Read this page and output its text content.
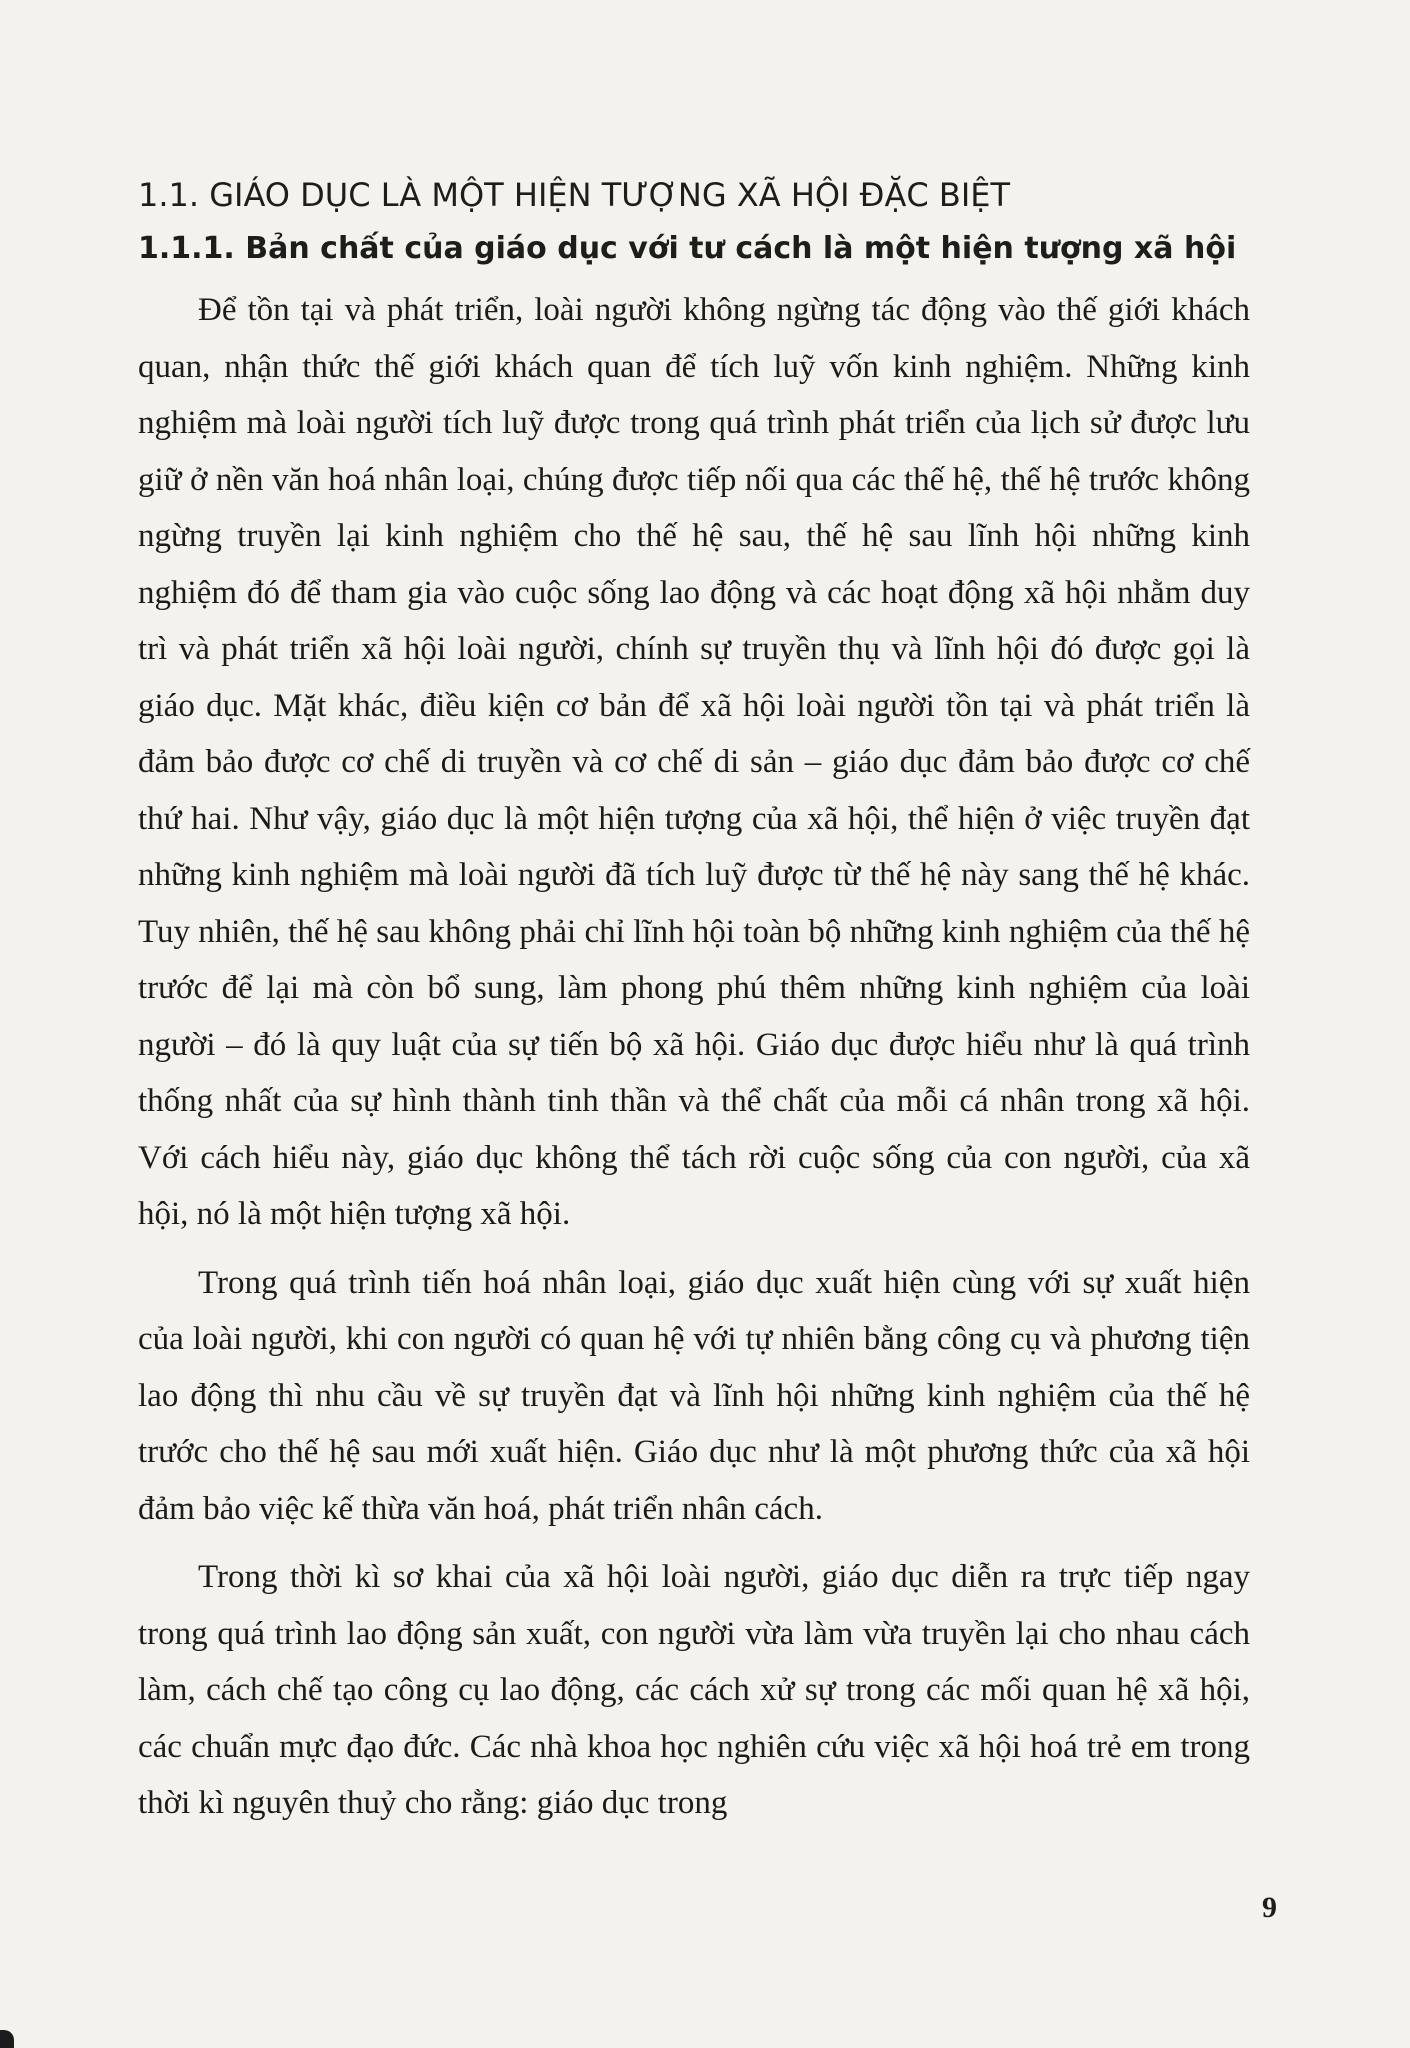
1.1. GIÁO DỤC LÀ MỘT HIỆN TƯỢNG XÃ HỘI ĐẶC BIỆT
1.1.1. Bản chất của giáo dục với tư cách là một hiện tượng xã hội

Để tồn tại và phát triển, loài người không ngừng tác động vào thế giới khách quan, nhận thức thế giới khách quan để tích luỹ vốn kinh nghiệm. Những kinh nghiệm mà loài người tích luỹ được trong quá trình phát triển của lịch sử được lưu giữ ở nền văn hoá nhân loại, chúng được tiếp nối qua các thế hệ, thế hệ trước không ngừng truyền lại kinh nghiệm cho thế hệ sau, thế hệ sau lĩnh hội những kinh nghiệm đó để tham gia vào cuộc sống lao động và các hoạt động xã hội nhằm duy trì và phát triển xã hội loài người, chính sự truyền thụ và lĩnh hội đó được gọi là giáo dục. Mặt khác, điều kiện cơ bản để xã hội loài người tồn tại và phát triển là đảm bảo được cơ chế di truyền và cơ chế di sản – giáo dục đảm bảo được cơ chế thứ hai. Như vậy, giáo dục là một hiện tượng của xã hội, thể hiện ở việc truyền đạt những kinh nghiệm mà loài người đã tích luỹ được từ thế hệ này sang thế hệ khác. Tuy nhiên, thế hệ sau không phải chỉ lĩnh hội toàn bộ những kinh nghiệm của thế hệ trước để lại mà còn bổ sung, làm phong phú thêm những kinh nghiệm của loài người – đó là quy luật của sự tiến bộ xã hội. Giáo dục được hiểu như là quá trình thống nhất của sự hình thành tinh thần và thể chất của mỗi cá nhân trong xã hội. Với cách hiểu này, giáo dục không thể tách rời cuộc sống của con người, của xã hội, nó là một hiện tượng xã hội.

Trong quá trình tiến hoá nhân loại, giáo dục xuất hiện cùng với sự xuất hiện của loài người, khi con người có quan hệ với tự nhiên bằng công cụ và phương tiện lao động thì nhu cầu về sự truyền đạt và lĩnh hội những kinh nghiệm của thế hệ trước cho thế hệ sau mới xuất hiện. Giáo dục như là một phương thức của xã hội đảm bảo việc kế thừa văn hoá, phát triển nhân cách.

Trong thời kì sơ khai của xã hội loài người, giáo dục diễn ra trực tiếp ngay trong quá trình lao động sản xuất, con người vừa làm vừa truyền lại cho nhau cách làm, cách chế tạo công cụ lao động, các cách xử sự trong các mối quan hệ xã hội, các chuẩn mực đạo đức. Các nhà khoa học nghiên cứu việc xã hội hoá trẻ em trong thời kì nguyên thuỷ cho rằng: giáo dục trong

9
